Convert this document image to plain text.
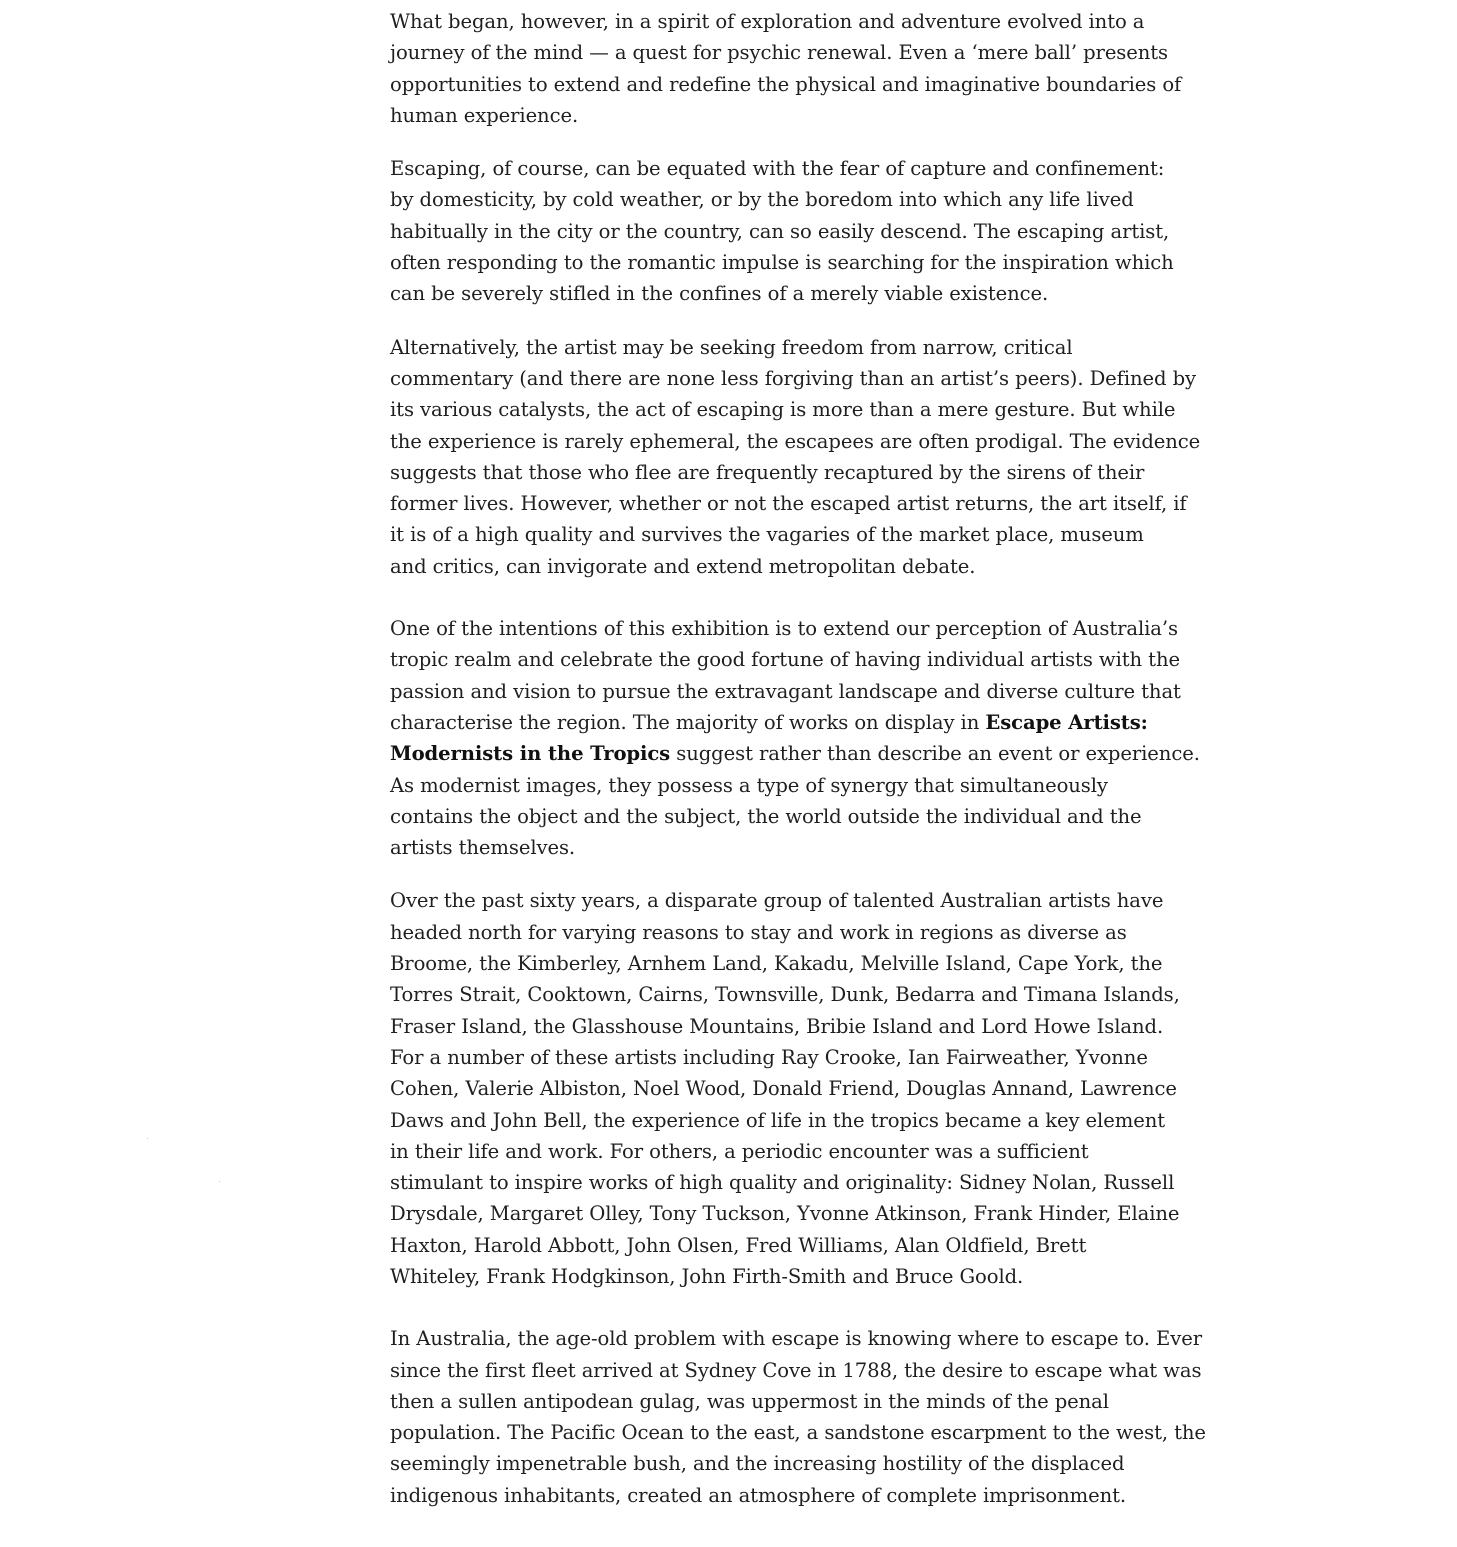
What began, however, in a spirit of exploration and adventure evolved into a
journey of the mind — a quest for psychic renewal. Even a ‘mere ball’ presents
opportunities to extend and redefine the physical and imaginative boundaries of
human experience.

Escaping, of course, can be equated with the fear of capture and confinement:
by domesticity, by cold weather, or by the boredom into which any life lived
habitually in the city or the country, can so easily descend. The escaping artist,
often responding to the romantic impulse is searching for the inspiration which
can be severely stifled in the confines of a merely viable existence.

Alternatively, the artist may be seeking freedom from narrow, critical
commentary (and there are none less forgiving than an artist’s peers). Defined by
its various catalysts, the act of escaping is more than a mere gesture. But while
the experience is rarely ephemeral, the escapees are often prodigal. The evidence
suggests that those who flee are frequently recaptured by the sirens of their
former lives. However, whether or not the escaped artist returns, the art itself, if
it is of a high quality and survives the vagaries of the market place, museum
and critics, can invigorate and extend metropolitan debate.

One of the intentions of this exhibition is to extend our perception of Australia’s
tropic realm and celebrate the good fortune of having individual artists with the
passion and vision to pursue the extravagant landscape and diverse culture that
characterise the region. The majority of works on display in Escape Artists:
Modernists in the Tropics suggest rather than describe an event or experience.
As modernist images, they possess a type of synergy that simultaneously
contains the object and the subject, the world outside the individual and the
artists themselves.

Over the past sixty years, a disparate group of talented Australian artists have
headed north for varying reasons to stay and work in regions as diverse as
Broome, the Kimberley, Arnhem Land, Kakadu, Melville Island, Cape York, the
Torres Strait, Cooktown, Cairns, Townsville, Dunk, Bedarra and Timana Islands,
Fraser Island, the Glasshouse Mountains, Bribie Island and Lord Howe Island.
For a number of these artists including Ray Crooke, Ian Fairweather, Yvonne
Cohen, Valerie Albiston, Noel Wood, Donald Friend, Douglas Annand, Lawrence
Daws and John Bell, the experience of life in the tropics became a key element
in their life and work. For others, a periodic encounter was a sufficient
stimulant to inspire works of high quality and originality: Sidney Nolan, Russell
Drysdale, Margaret Olley, Tony Tuckson, Yvonne Atkinson, Frank Hinder, Elaine
Haxton, Harold Abbott, John Olsen, Fred Williams, Alan Oldfield, Brett
Whiteley, Frank Hodgkinson, John Firth-Smith and Bruce Goold.

In Australia, the age-old problem with escape is knowing where to escape to. Ever
since the first fleet arrived at Sydney Cove in 1788, the desire to escape what was
then a sullen antipodean gulag, was uppermost in the minds of the penal
population. The Pacific Ocean to the east, a sandstone escarpment to the west, the
seemingly impenetrable bush, and the increasing hostility of the displaced
indigenous inhabitants, created an atmosphere of complete imprisonment.
